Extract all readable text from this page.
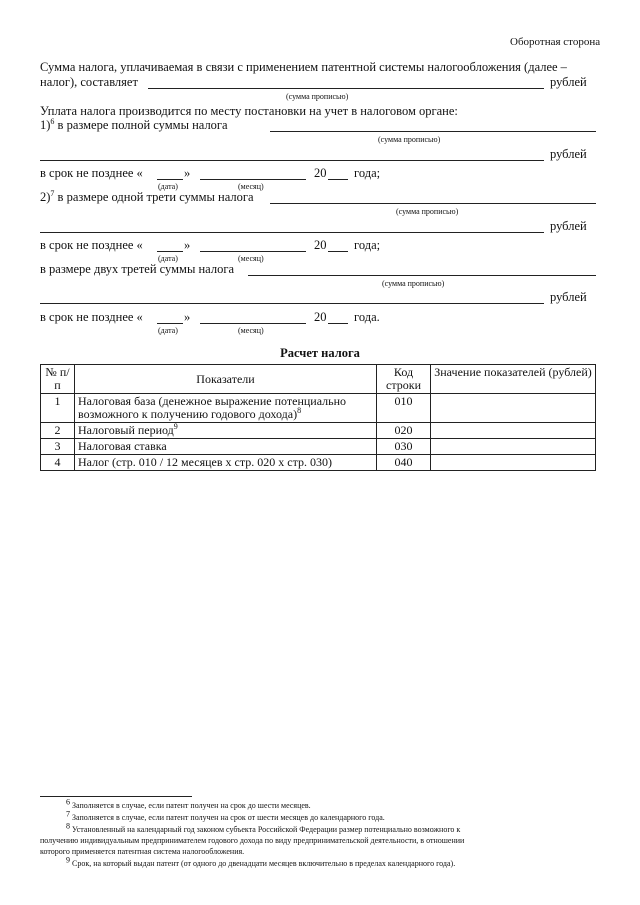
Оборотная сторона
Сумма налога, уплачиваемая в связи с применением патентной системы налогообложения (далее –
налог), составляет	рублей
(сумма прописью)
Уплата налога производится по месту постановки на учет в налоговом органе:
1)$^6$ в размере полной суммы налога
(сумма прописью)
рублей
в срок не позднее «	»	20 года;
(дата)	(месяц)
2)$^7$ в размере одной трети суммы налога
(сумма прописью)
рублей
в срок не позднее «	»	20 года;
(дата)	(месяц)
в размере двух третей суммы налога
(сумма прописью)
рублей
в срок не позднее «	»	20 года.
(дата)	(месяц)
Расчет налога
№ п/п	Показатели	Код строки	Значение показателей (рублей)
1	Налоговая база (денежное выражение потенциально возможного к получению годового дохода)$^8$	010	
2	Налоговый период$^9$	020	
3	Налоговая ставка	030	
4	Налог (стр. 010 / 12 месяцев х стр. 020 х стр. 030)	040	
$^6$ Заполняется в случае, если патент получен на срок до шести месяцев.
$^7$ Заполняется в случае, если патент получен на срок от шести месяцев до календарного года.
$^8$ Установленный на календарный год законом субъекта Российской Федерации размер потенциально возможного к
получению индивидуальным предпринимателем годового дохода по виду предпринимательской деятельности, в отношении
которого применяется патентная система налогообложения.
$^9$ Срок, на который выдан патент (от одного до двенадцати месяцев включительно в пределах календарного года).
